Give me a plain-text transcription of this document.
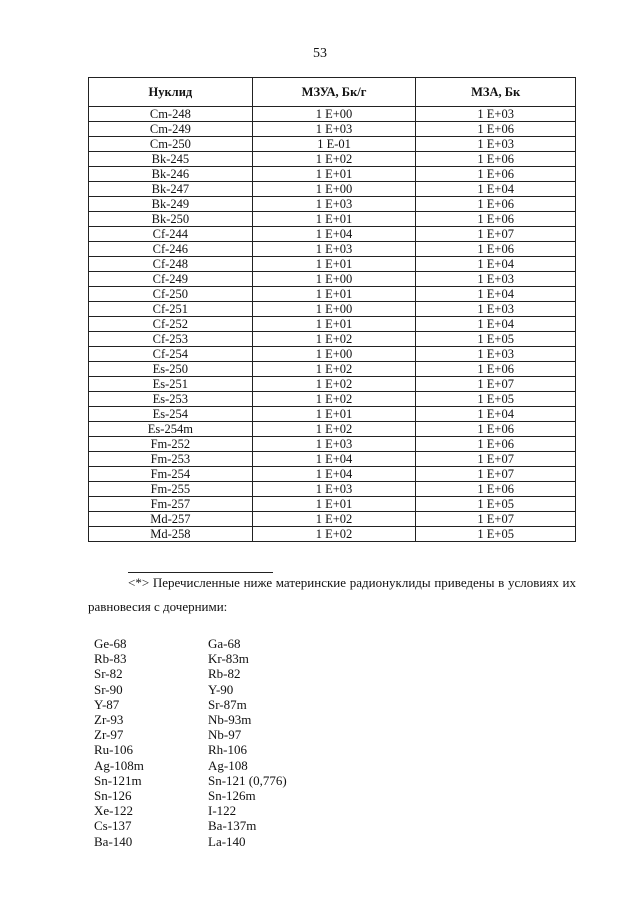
53
Нуклид	МЗУА, Бк/г	МЗА, Бк
Cm-248	1 E+00	1 E+03
Cm-249	1 E+03	1 E+06
Cm-250	1 E-01	1 E+03
Bk-245	1 E+02	1 E+06
Bk-246	1 E+01	1 E+06
Bk-247	1 E+00	1 E+04
Bk-249	1 E+03	1 E+06
Bk-250	1 E+01	1 E+06
Cf-244	1 E+04	1 E+07
Cf-246	1 E+03	1 E+06
Cf-248	1 E+01	1 E+04
Cf-249	1 E+00	1 E+03
Cf-250	1 E+01	1 E+04
Cf-251	1 E+00	1 E+03
Cf-252	1 E+01	1 E+04
Cf-253	1 E+02	1 E+05
Cf-254	1 E+00	1 E+03
Es-250	1 E+02	1 E+06
Es-251	1 E+02	1 E+07
Es-253	1 E+02	1 E+05
Es-254	1 E+01	1 E+04
Es-254m	1 E+02	1 E+06
Fm-252	1 E+03	1 E+06
Fm-253	1 E+04	1 E+07
Fm-254	1 E+04	1 E+07
Fm-255	1 E+03	1 E+06
Fm-257	1 E+01	1 E+05
Md-257	1 E+02	1 E+07
Md-258	1 E+02	1 E+05
<*> Перечисленные ниже материнские радионуклиды приведены в условиях их
равновесия с дочерними:
Ge-68	Ga-68
Rb-83	Kr-83m
Sr-82	Rb-82
Sr-90	Y-90
Y-87	Sr-87m
Zr-93	Nb-93m
Zr-97	Nb-97
Ru-106	Rh-106
Ag-108m	Ag-108
Sn-121m	Sn-121 (0,776)
Sn-126	Sn-126m
Xe-122	I-122
Cs-137	Ba-137m
Ba-140	La-140
